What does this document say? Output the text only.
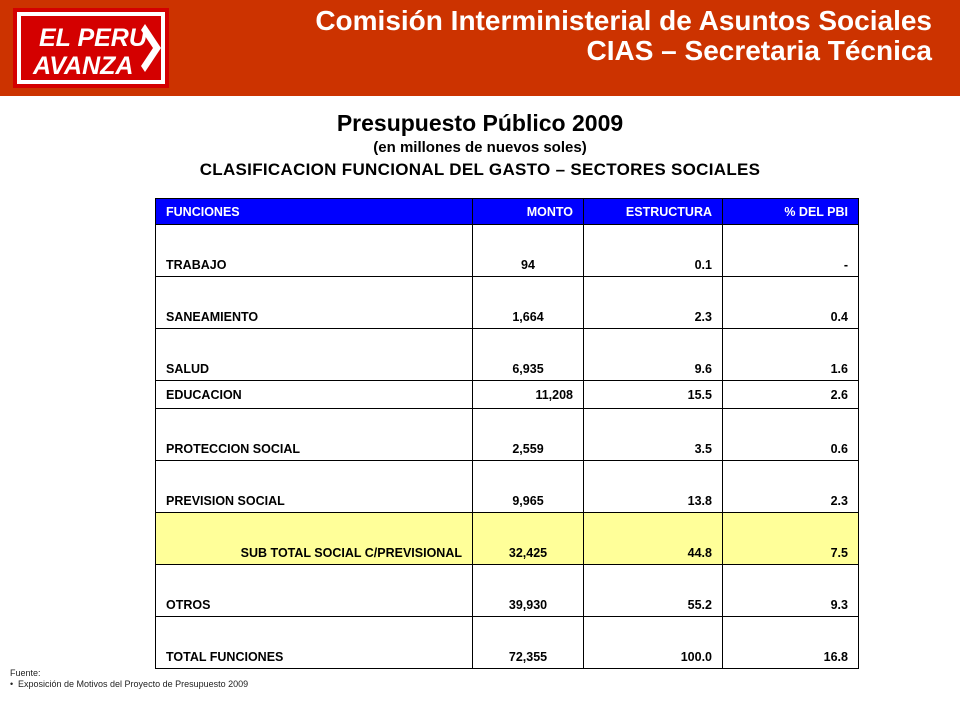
EL PERU
AVANZA
Comisión Interministerial de Asuntos Sociales
CIAS – Secretaria Técnica
Presupuesto Público 2009
(en millones de nuevos soles)
CLASIFICACION FUNCIONAL DEL GASTO – SECTORES SOCIALES
FUNCIONES	MONTO	ESTRUCTURA	% DEL PBI
TRABAJO	94	0.1	-
SANEAMIENTO	1,664	2.3	0.4
SALUD	6,935	9.6	1.6
EDUCACION	11,208	15.5	2.6
PROTECCION SOCIAL	2,559	3.5	0.6
PREVISION SOCIAL	9,965	13.8	2.3
SUB TOTAL SOCIAL C/PREVISIONAL	32,425	44.8	7.5
OTROS	39,930	55.2	9.3
TOTAL FUNCIONES	72,355	100.0	16.8
Fuente:
• Exposición de Motivos del Proyecto de Presupuesto 2009
